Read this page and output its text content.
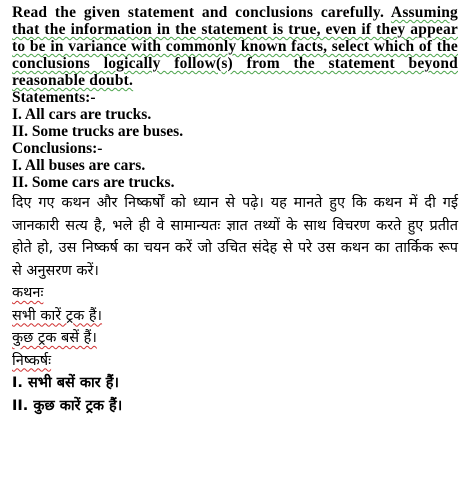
Read the given statement and conclusions carefully. Assuming that the information in the statement is true, even if they appear to be in variance with commonly known facts, select which of the conclusions logically follow(s) from the statement beyond reasonable doubt.

Statements:-

I. All cars are trucks.

II. Some trucks are buses.

Conclusions:-

I. All buses are cars.

II. Some cars are trucks.

दिए गए कथन और निष्कर्षों को ध्यान से पढ़े। यह मानते हुए कि कथन में दी गई जानकारी सत्य है, भले ही वे सामान्यतः ज्ञात तथ्यों के साथ विचरण करते हुए प्रतीत होते हो, उस निष्कर्ष का चयन करें जो उचित संदेह से परे उस कथन का तार्किक रूप से अनुसरण करें।

कथनः

सभी कारें ट्रक हैं।

कुछ ट्रक बसें हैं।

निष्कर्षः

I. सभी बसें कार हैं।

II. कुछ कारें ट्रक हैं।
